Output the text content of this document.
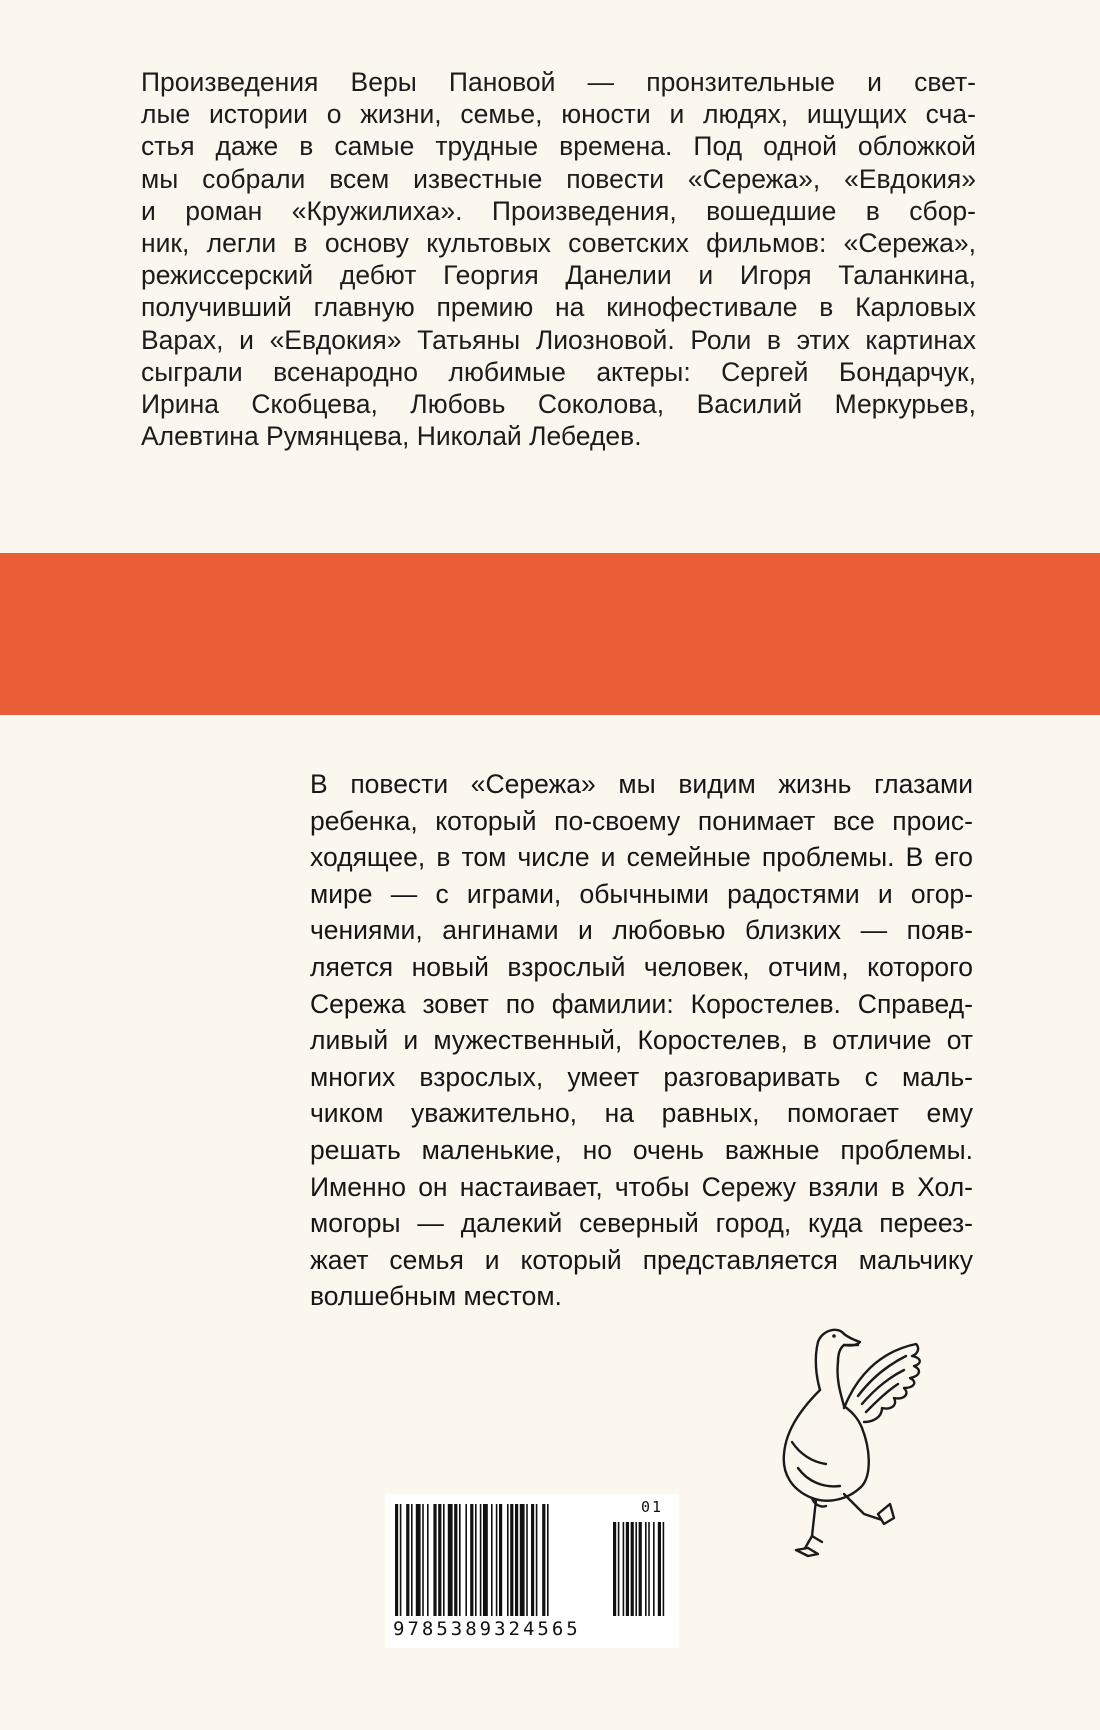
Произведения Веры Пановой — пронзительные и свет-
лые истории о жизни, семье, юности и людях, ищущих сча-
стья даже в самые трудные времена. Под одной обложкой
мы собрали всем известные повести «Сережа», «Евдокия»
и роман «Кружилиха». Произведения, вошедшие в сбор-
ник, легли в основу культовых советских фильмов: «Сережа»,
режиссерский дебют Георгия Данелии и Игоря Таланкина,
получивший главную премию на кинофестивале в Карловых
Варах, и «Евдокия» Татьяны Лиозновой. Роли в этих картинах
сыграли всенародно любимые актеры: Сергей Бондарчук,
Ирина Скобцева, Любовь Соколова, Василий Меркурьев,
Алевтина Румянцева, Николай Лебедев.
В повести «Сережа» мы видим жизнь глазами
ребенка, который по-своему понимает все проис-
ходящее, в том числе и семейные проблемы. В его
мире — с играми, обычными радостями и огор-
чениями, ангинами и любовью близких — появ-
ляется новый взрослый человек, отчим, которого
Сережа зовет по фамилии: Коростелев. Справед-
ливый и мужественный, Коростелев, в отличие от
многих взрослых, умеет разговаривать с маль-
чиком уважительно, на равных, помогает ему
решать маленькие, но очень важные проблемы.
Именно он настаивает, чтобы Сережу взяли в Хол-
могоры — далекий северный город, куда переез-
жает семья и который представляется мальчику
волшебным местом.
01
9785389324565
